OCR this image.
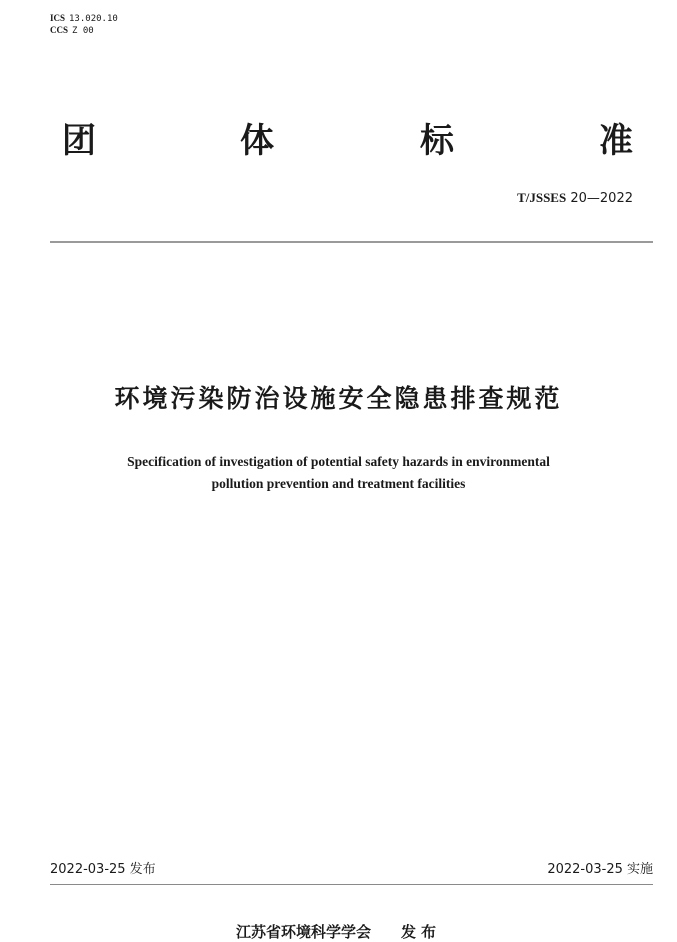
ICS 13.020.10
CCS Z 00
团	体	标	准
T/JSSES 20—2022
环境污染防治设施安全隐患排查规范
Specification of investigation of potential safety hazards in environmental
pollution prevention and treatment facilities
2022-03-25 发布	2022-03-25 实施
江苏省环境科学学会 发布
